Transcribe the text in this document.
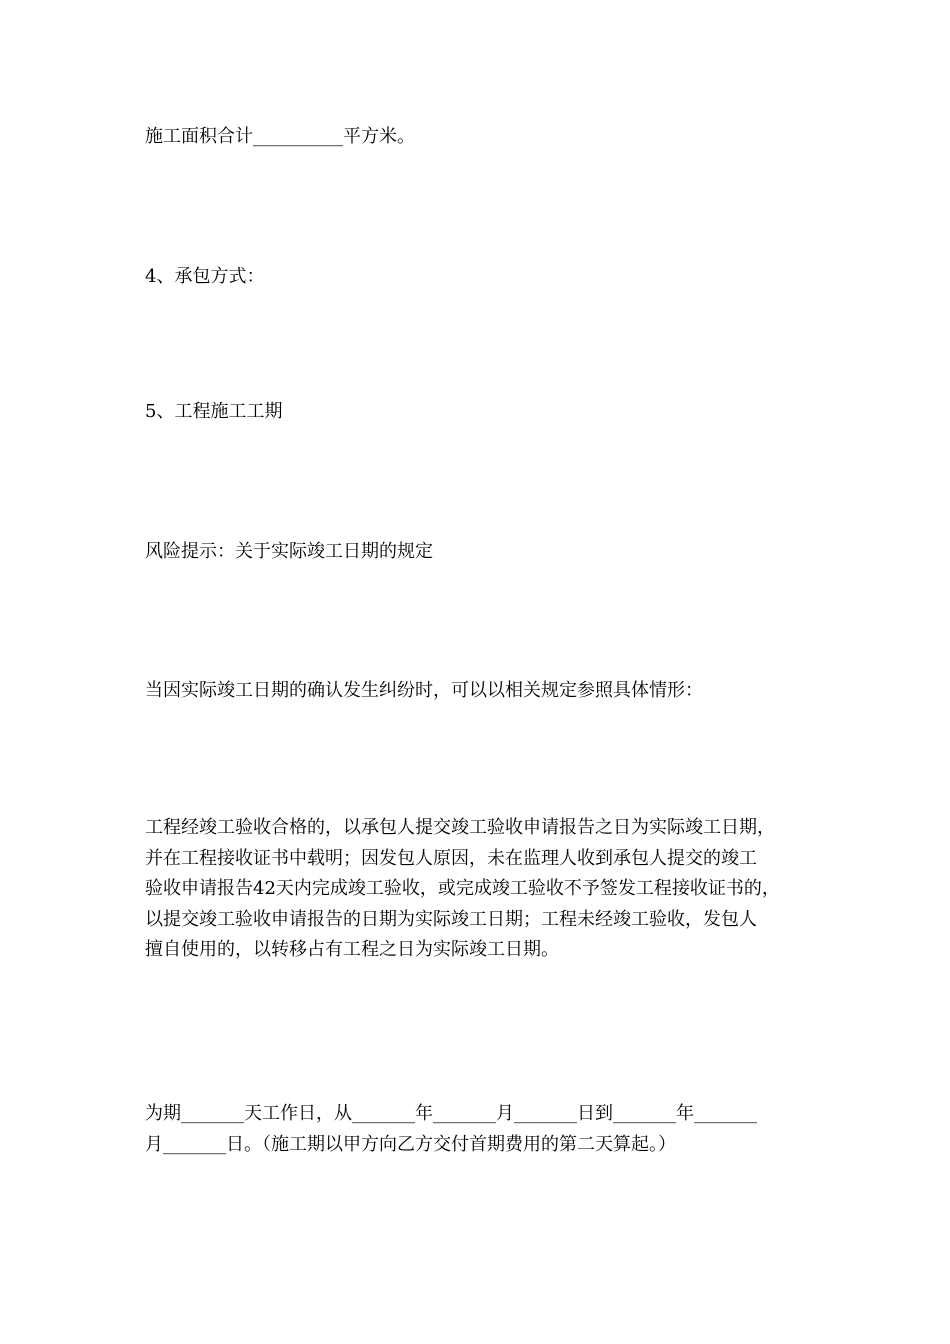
施工面积合计__________平方米。

4、承包方式：

5、工程施工工期

风险提示：关于实际竣工日期的规定

当因实际竣工日期的确认发生纠纷时，可以以相关规定参照具体情形：

工程经竣工验收合格的，以承包人提交竣工验收申请报告之日为实际竣工日期，
并在工程接收证书中载明；因发包人原因，未在监理人收到承包人提交的竣工
验收申请报告42天内完成竣工验收，或完成竣工验收不予签发工程接收证书的，
以提交竣工验收申请报告的日期为实际竣工日期；工程未经竣工验收，发包人
擅自使用的，以转移占有工程之日为实际竣工日期。
为期_______天工作日，从_______年_______月_______日到_______年_______
月_______日。（施工期以甲方向乙方交付首期费用的第二天算起。）
